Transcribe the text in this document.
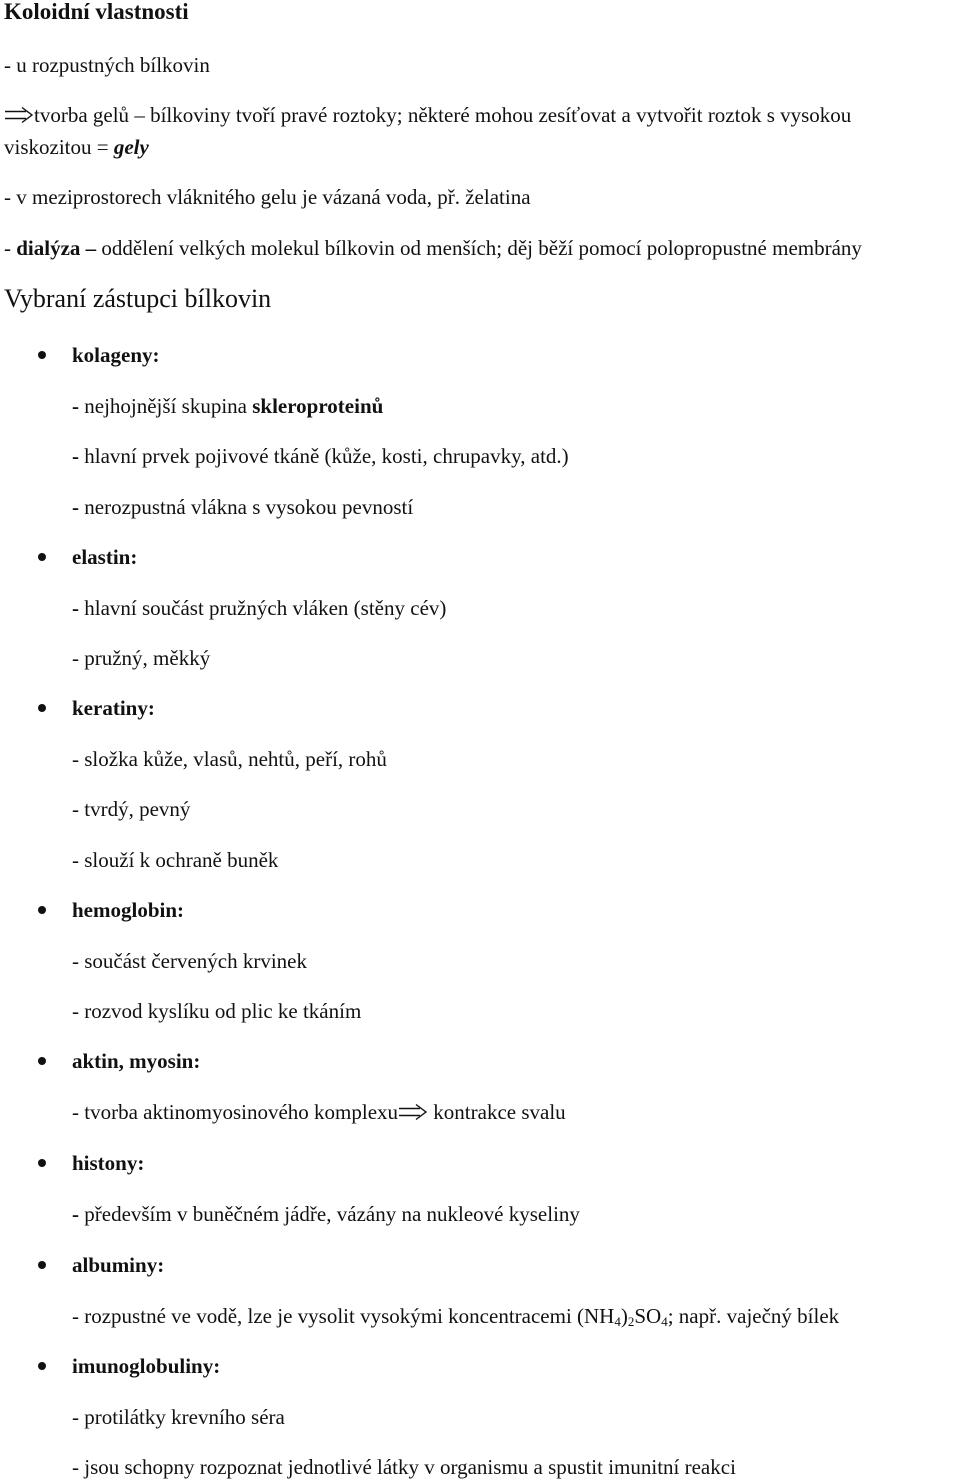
Koloidní vlastnosti
- u rozpustných bílkovin
tvorba gelů – bílkoviny tvoří pravé roztoky; některé mohou zesíťovat a vytvořit roztok s vysokou
viskozitou = gely
- v meziprostorech vláknitého gelu je vázaná voda, př. želatina
- dialýza – oddělení velkých molekul bílkovin od menších; děj běží pomocí polopropustné membrány
Vybraní zástupci bílkovin
kolageny:
- nejhojnější skupina skleroproteinů
- hlavní prvek pojivové tkáně (kůže, kosti, chrupavky, atd.)
- nerozpustná vlákna s vysokou pevností
elastin:
- hlavní součást pružných vláken (stěny cév)
- pružný, měkký
keratiny:
- složka kůže, vlasů, nehtů, peří, rohů
- tvrdý, pevný
- slouží k ochraně buněk
hemoglobin:
- součást červených krvinek
- rozvod kyslíku od plic ke tkáním
aktin, myosin:
- tvorba aktinomyosinového komplexu kontrakce svalu
histony:
- především v buněčném jádře, vázány na nukleové kyseliny
albuminy:
- rozpustné ve vodě, lze je vysolit vysokými koncentracemi $(NH_4)_2SO_4$; např. vaječný bílek
imunoglobuliny:
- protilátky krevního séra
- jsou schopny rozpoznat jednotlivé látky v organismu a spustit imunitní reakci
